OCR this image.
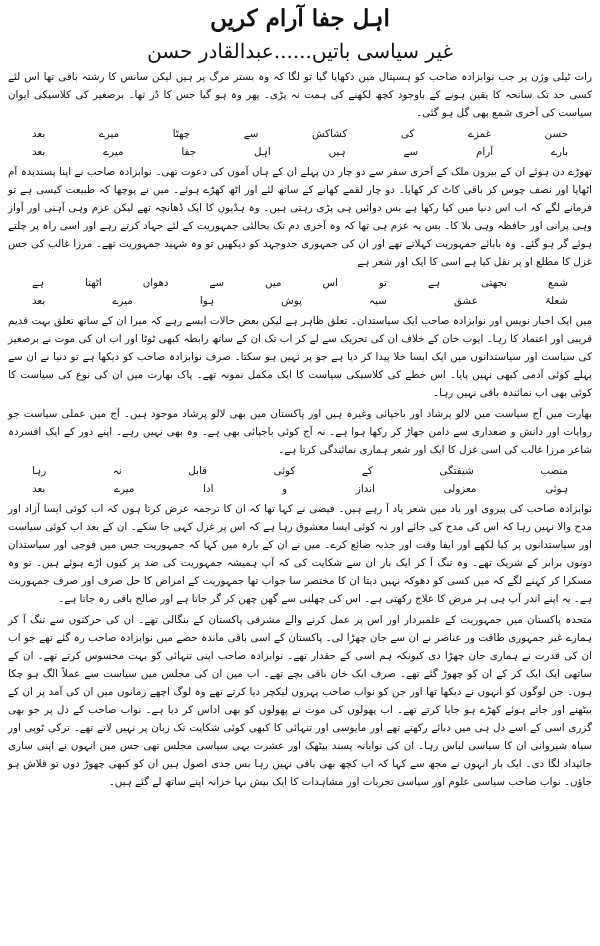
اہل جفا آرام کریں
غیر سیاسی باتیں......عبدالقادر حسن

رات ٹیلی وژن پر جب نوابزادہ صاحب کو ہسپتال میں دکھایا گیا تو لگا کہ وہ بستر مرگ پر ہیں لیکن سانس کا رشتہ باقی تھا اس لئے کسی حد تک سانحہ کا یقین ہونے کے باوجود کچھ لکھنے کی ہمت نہ پڑی۔ پھر وہ ہو گیا جس کا ڈر تھا۔ برصغیر کی کلاسیکی ایوان سیاست کی آخری شمع بھی گل ہو گئی۔

حسن
غمزے
کی
کشاکش
سے
چھٹا
میرے
بعد
بارے
آرام
سے
ہیں
اہل
جفا
میرے
بعد

تھوڑے دن ہوئے ان کے بیرون ملک کے آخری سفر سے دو چار دن پہلے ان کے ہاں آموں کی دعوت تھی۔ نوابزادہ صاحب نے اپنا پسندیدہ آم اٹھایا اور نصف چوس کر باقی کاٹ کر کھایا۔ دو چار لقمے کھانے کے ساتھ لئے اور اٹھ کھڑے ہوئے۔ میں نے پوچھا کہ طبیعت کیسی ہے تو فرمانے لگے کہ اب اس دنیا میں کیا رکھا ہے بس دوائیں ہی پڑی رہتی ہیں۔ وہ ہڈیوں کا ایک ڈھانچہ تھے لیکن عزم وہی آہنی اور آواز وہی پرانی اور حافظہ وہی بلا کا۔ بس یہ عزم ہی تھا کہ وہ آخری دم تک بحالئی جمہوریت کے لئے جہاد کرتے رہے اور اسی راہ پر چلتے ہوئے گر ہو گئے۔ وہ بابائے جمہوریت کہلاتے تھے اور ان کی جمہوری جدوجہد کو دیکھیں تو وہ شہید جمہوریت تھے۔ مرزا غالب کی جس غزل کا مطلع او پر نقل کیا ہے اسی کا ایک اور شعر ہے

شمع
بجھتی
ہے
تو
اس
میں
سے
دھواں
اٹھتا
ہے
شعلۂ
عشق
سیہ
پوش
ہوا
میرے
بعد

میں ایک اخبار نویس اور نوابزادہ صاحب ایک سیاستدان۔ تعلق ظاہر ہے لیکن بعض حالات ایسے رہے کہ میرا ان کے ساتھ تعلق بہت قدیم قریبی اور اعتماد کا رہا۔ ایوب خان کے خلاف ان کی تحریک سے لے کر اب تک ان کے ساتھ رابطہ کبھی ٹوٹا اور اب ان کی موت نے برصغیر کی سیاست اور سیاستدانوں میں ایک ایسا خلا پیدا کر دیا ہے جو پر نہیں ہو سکتا۔ صرف نوابزادہ صاحب کو دیکھا ہے تو دنیا نے ان سے پہلے کوئی آدمی کبھی نہیں پایا۔ اس خطے کی کلاسیکی سیاست کا ایک مکمل نمونہ تھے۔ پاک بھارت میں ان کی نوع کی سیاست کا کوئی بھی اب نمائندہ باقی نہیں رہا۔

بھارت میں آج سیاست میں لالو پرشاد اور باجپائی وغیرہ ہیں اور پاکستان میں بھی لالو پرشاد موجود ہیں۔ آج میں عملی سیاست جو روایات اور دانش و ضعداری سے دامن جھاڑ کر رکھا ہوا ہے۔ نہ آج کوئی باجپائی بھی ہے۔ وہ بھی نہیں رہے۔ اپنے دور کے ایک افسردہ شاعر مرزا غالب کی اسی غزل کا ایک اور شعر ہماری نمائندگی کرتا ہے۔

منصب
شیفتگی
کے
کوئی
قابل
نہ
رہا
ہوئی
معزولی
انداز
و
ادا
میرے
بعد

نوابزادہ صاحب کی پیروی اور یاد میں شعر یاد آ رہے ہیں۔ فیضی نے کہا تھا کہ ان کا ترجمہ عرض کرتا ہوں کہ اب کوئی ایسا آزاد اور مدح والا نہیں رہا کہ اس کی مدح کی جائے اور نہ کوئی ایسا معشوق رہا ہے کہ اس پر غزل کہی جا سکے۔ ان کے بعد اب کوئی سیاست اور سیاستدانوں پر کیا لکھے اور ایفا وقت اور جذبہ ضائع کرے۔ میں نے ان کے بارہ میں کہا کہ جمہوریت جس میں فوجی اور سیاستدان دونوں برابر کے شریک تھے۔ وہ تنگ آ کر ایک بار ان سے شکایت کی کہ آپ ہمیشہ جمہوریت کی ضد پر کیوں اڑے ہوئے ہیں۔ تو وہ مسکرا کر کہنے لگے کہ میں کسی کو دھوکہ نہیں دیتا ان کا مختصر سا جواب تھا جمہوریت کے امراض کا حل صرف اور صرف جمہوریت ہے۔ یہ اپنے اندر آپ ہی ہر مرض کا علاج رکھتی ہے۔ اس کی چھلنی سے گھن چھن کر گر جاتا ہے اور صالح باقی رہ جاتا ہے۔

متحدہ پاکستان میں جمہوریت کے علمبردار اور اس پر عمل کرنے والے مشرقی پاکستان کے بنگالی تھے۔ ان کی حرکتوں سے تنگ آ کر ہمارے غیر جمہوری طاقت ور عناصر نے ان سے جان چھڑا لی۔ پاکستان کے اسی باقی ماندہ حصے میں نوابزادہ صاحب رہ گئے تھے جو اب ان کی قدرت نے ہماری جان چھڑا دی کیونکہ ہم اسی کے حقدار تھے۔ نوابزادہ صاحب اپنی تنہائی کو بہت محسوس کرتے تھے۔ ان کے ساتھی ایک ایک کر کے ان کو چھوڑ گئے تھے۔ صرف ایک خان باقی بچے تھے۔ اب میں ان کی مجلس میں سیاست سے عملاً الگ ہو چکا ہوں۔ جن لوگوں کو انہوں نے دیکھا تھا اور جن کو نواب صاحب پہروں لیکچر دیا کرتے تھے وہ لوگ اچھے زمانوں میں ان کی آمد پر ان کے بیٹھنے اور جاتے ہوئے کھڑے ہو جایا کرتے تھے۔ اب پھولوں کی موت نے پھولوں کو بھی اداس کر دیا ہے۔ نواب صاحب کے دل پر جو بھی گزری اسی کے اسے دل ہی میں دبائے رکھتے تھے اور مایوسی اور تنہائی کا کبھی کوئی شکایت تک زبان پر نہیں لاتے تھے۔ ترکی ٹوپی اور سیاہ شیروانی ان کا سیاسی لباس رہا۔ ان کی نوابانہ پسند بیٹھک اور عشرت یہی سیاسی مجلس تھی جس میں انہوں نے اپنی ساری جائیداد لگا دی۔ ایک بار انہوں نے مجھ سے کہا کہ اب کچھ بھی باقی نہیں رہا بس جدی اصول ہیں ان کو کبھی چھوڑ دوں تو قلاش ہو جاؤں۔ نواب صاحب سیاسی علوم اور سیاسی تجربات اور مشاہدات کا ایک بیش بہا خزانہ اپنے ساتھ لے گئے ہیں۔
